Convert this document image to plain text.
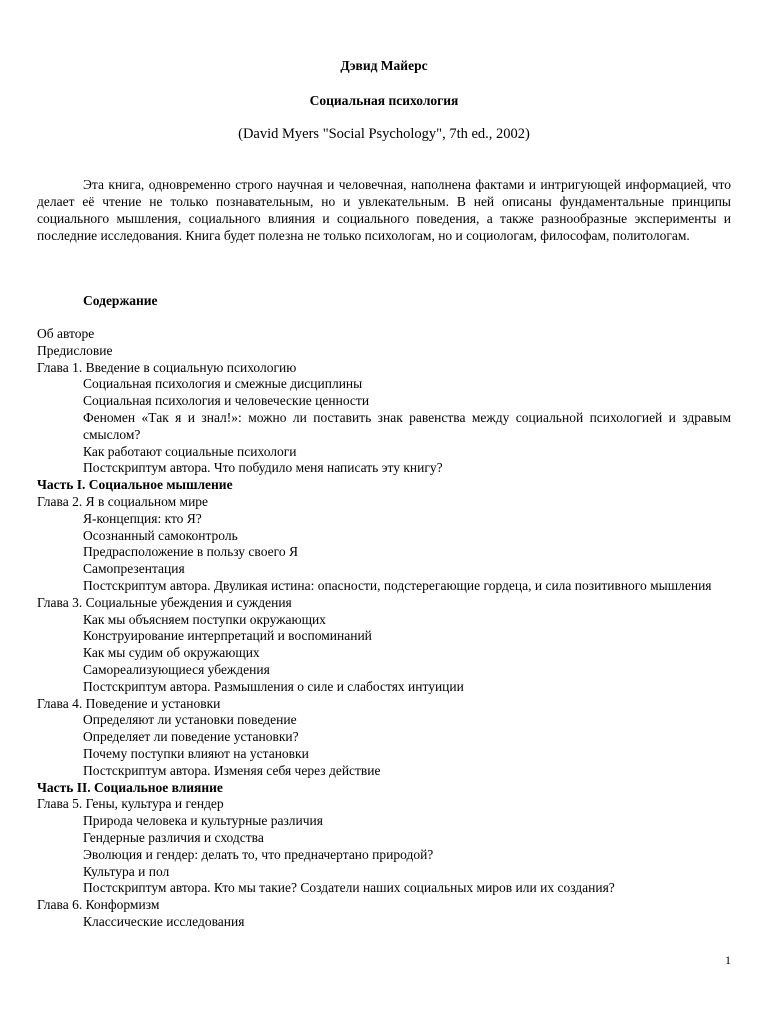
Дэвид Майерс
Социальная психология
(David Myers "Social Psychology", 7th ed., 2002)

Эта книга, одновременно строго научная и человечная, наполнена фактами и интригующей информацией, что делает её чтение не только познавательным, но и увлекательным. В ней описаны фундаментальные принципы социального мышления, социального влияния и социального поведения, а также разнообразные эксперименты и последние исследования. Книга будет полезна не только психологам, но и социологам, философам, политологам.

Содержание
Об авторе
Предисловие
Глава 1. Введение в социальную психологию
Социальная психология и смежные дисциплины
Социальная психология и человеческие ценности
Феномен «Так я и знал!»: можно ли поставить знак равенства между социальной психологией и здравым смыслом?
Как работают социальные психологи
Постскриптум автора. Что побудило меня написать эту книгу?
Часть I. Социальное мышление
Глава 2. Я в социальном мире
Я-концепция: кто Я?
Осознанный самоконтроль
Предрасположение в пользу своего Я
Самопрезентация
Постскриптум автора. Двуликая истина: опасности, подстерегающие гордеца, и сила позитивного мышления
Глава 3. Социальные убеждения и суждения
Как мы объясняем поступки окружающих
Конструирование интерпретаций и воспоминаний
Как мы судим об окружающих
Самореализующиеся убеждения
Постскриптум автора. Размышления о силе и слабостях интуиции
Глава 4. Поведение и установки
Определяют ли установки поведение
Определяет ли поведение установки?
Почему поступки влияют на установки
Постскриптум автора. Изменяя себя через действие
Часть II. Социальное влияние
Глава 5. Гены, культура и гендер
Природа человека и культурные различия
Гендерные различия и сходства
Эволюция и гендер: делать то, что предначертано природой?
Культура и пол
Постскриптум автора. Кто мы такие? Создатели наших социальных миров или их создания?
Глава 6. Конформизм
Классические исследования
1
